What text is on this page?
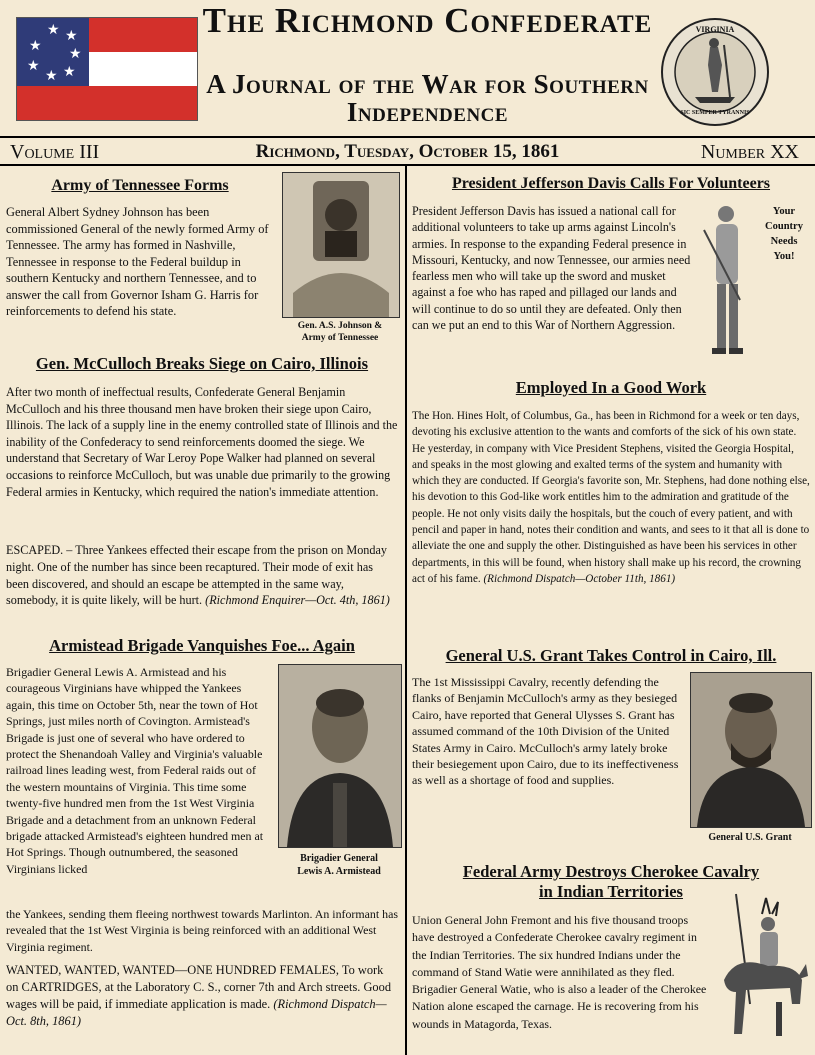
★ ★
★
★
★
★
★
The Richmond Confederate
A Journal of the War for Southern Independence
VIRGINIA
SIC SEMPER TYRANNIS
Volume III	Richmond, Tuesday, October 15, 1861	Number XX
Army of Tennessee Forms

General Albert Sydney Johnson has been commissioned General of the newly formed Army of Tennessee. The army has formed in Nashville, Tennessee in response to the Federal buildup in southern Kentucky and northern Tennessee, and to answer the call from Governor Isham G. Harris for reinforcements to defend his state.

Gen. A.S. Johnson &
Army of Tennessee
Gen. McCulloch Breaks Siege on Cairo, Illinois

After two month of ineffectual results, Confederate General Benjamin McCulloch and his three thousand men have broken their siege upon Cairo, Illinois. The lack of a supply line in the enemy controlled state of Illinois and the inability of the Confederacy to send reinforcements doomed the siege. We understand that Secretary of War Leroy Pope Walker had planned on several occasions to reinforce McCulloch, but was unable due primarily to the growing Federal armies in Kentucky, which required the nation's immediate attention.

ESCAPED. – Three Yankees effected their escape from the prison on Monday night. One of the number has since been recaptured. Their mode of exit has been discovered, and should an escape be attempted in the same way, somebody, it is quite likely, will be hurt. (Richmond Enquirer—Oct. 4th, 1861)

Armistead Brigade Vanquishes Foe... Again

Brigadier General Lewis A. Armistead and his courageous Virginians have whipped the Yankees again, this time on October 5th, near the town of Hot Springs, just miles north of Covington. Armistead's Brigade is just one of several who have ordered to protect the Shenandoah Valley and Virginia's valuable railroad lines leading west, from Federal raids out of the western mountains of Virginia. This time some twenty-five hundred men from the 1st West Virginia Brigade and a detachment from an unknown Federal brigade attacked Armistead's eighteen hundred men at Hot Springs. Though outnumbered, the seasoned Virginians licked

the Yankees, sending them fleeing northwest towards Marlinton. An informant has revealed that the 1st West Virginia is being reinforced with an additional West Virginia regiment.

Brigadier General
Lewis A. Armistead

WANTED, WANTED, WANTED—ONE HUNDRED FEMALES, To work on CARTRIDGES, at the Laboratory C. S., corner 7th and Arch streets. Good wages will be paid, if immediate application is made. (Richmond Dispatch—Oct. 8th, 1861)

President Jefferson Davis Calls For Volunteers

President Jefferson Davis has issued a national call for additional volunteers to take up arms against Lincoln's armies. In response to the expanding Federal presence in Missouri, Kentucky, and now Tennessee, our armies need fearless men who will take up the sword and musket against a foe who has raped and pillaged our lands and will continue to do so until they are defeated. Only then can we put an end to this War of Northern Aggression.

Your
Country
Needs
You!
Employed In a Good Work

The Hon. Hines Holt, of Columbus, Ga., has been in Richmond for a week or ten days, devoting his exclusive attention to the wants and comforts of the sick of his own state. He yesterday, in company with Vice President Stephens, visited the Georgia Hospital, and speaks in the most glowing and exalted terms of the system and humanity with which they are conducted. If Georgia's favorite son, Mr. Stephens, had done nothing else, his devotion to this God-like work entitles him to the admiration and gratitude of the people. He not only visits daily the hospitals, but the couch of every patient, and with pencil and paper in hand, notes their condition and wants, and sees to it that all is done to alleviate the one and supply the other. Distinguished as have been his services in other departments, in this will be found, when history shall make up his record, the crowning act of his fame. (Richmond Dispatch—October 11th, 1861)

General U.S. Grant Takes Control in Cairo, Ill.

The 1st Mississippi Cavalry, recently defending the flanks of Benjamin McCulloch's army as they besieged Cairo, have reported that General Ulysses S. Grant has assumed command of the 10th Division of the United States Army in Cairo. McCulloch's army lately broke their besiegement upon Cairo, due to its ineffectiveness as well as a shortage of food and supplies.

General U.S. Grant
Federal Army Destroys Cherokee Cavalry
in Indian Territories

Union General John Fremont and his five thousand troops have destroyed a Confederate Cherokee cavalry regiment in the Indian Territories. The six hundred Indians under the command of Stand Watie were annihilated as they fled. Brigadier General Watie, who is also a leader of the Cherokee Nation alone escaped the carnage. He is recovering from his wounds in Matagorda, Texas.
